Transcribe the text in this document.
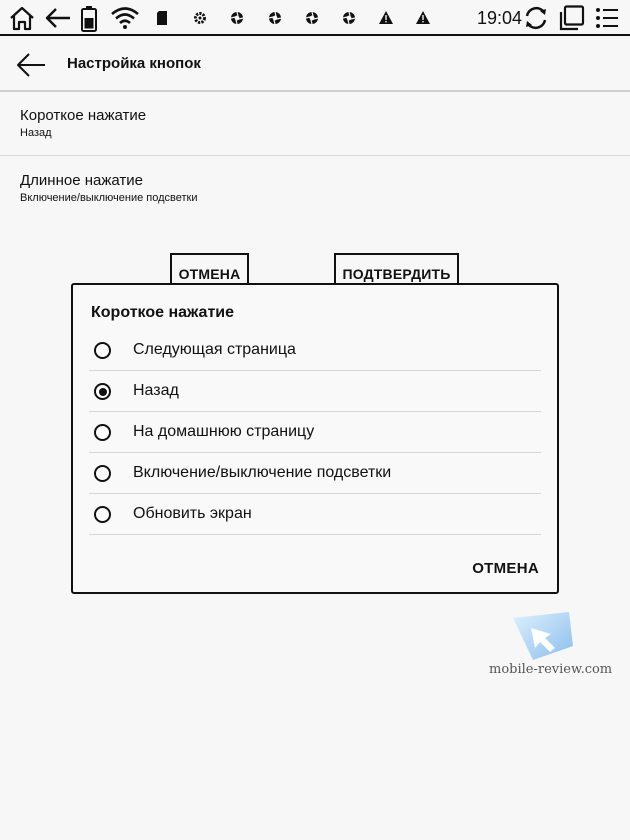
19:04
Настройка кнопок
Короткое нажатие
Назад
Длинное нажатие
Включение/выключение подсветки
ОТМЕНА	ПОДТВЕРДИТЬ
Короткое нажатие
Следующая страница
Назад
На домашнюю страницу
Включение/выключение подсветки
Обновить экран
ОТМЕНА
mobile-review.com
